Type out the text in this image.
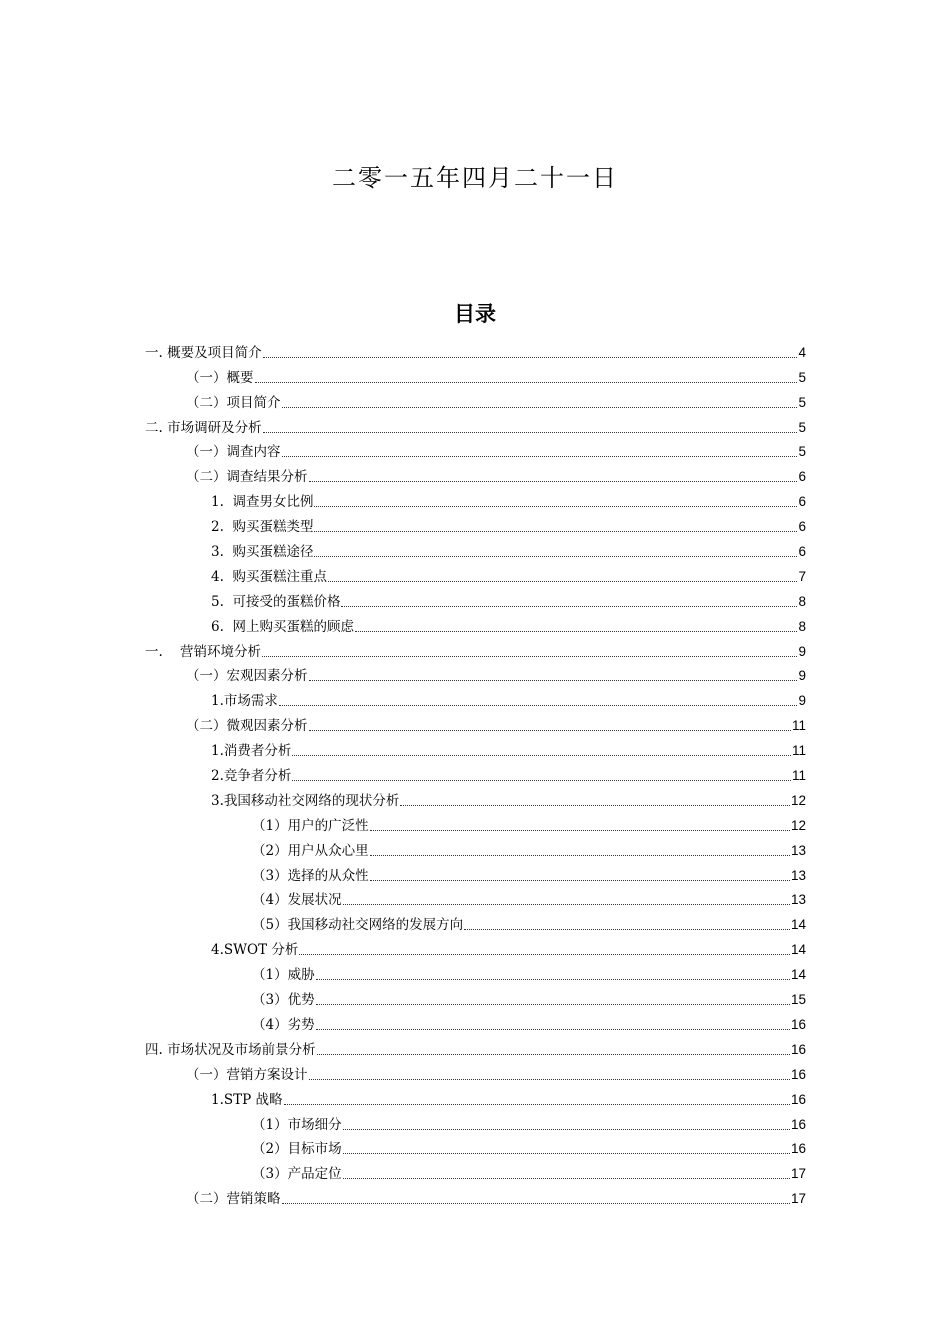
二零一五年四月二十一日
目录
一. 概要及项目简介	4
（一）概要	5
（二）项目简介	5
二. 市场调研及分析	5
（一）调查内容	5
（二）调查结果分析	6
1.  调查男女比例	6
2.  购买蛋糕类型	6
3.  购买蛋糕途径	6
4.  购买蛋糕注重点	7
5.  可接受的蛋糕价格	8
6.  网上购买蛋糕的顾虑	8
一.    营销环境分析	9
（一）宏观因素分析	9
1.市场需求	9
（二）微观因素分析	11
1.消费者分析	11
2.竞争者分析	11
3.我国移动社交网络的现状分析	12
（1）用户的广泛性	12
（2）用户从众心里	13
（3）选择的从众性	13
（4）发展状况	13
（5）我国移动社交网络的发展方向	14
4.SWOT 分析	14
（1）威胁	14
（3）优势	15
（4）劣势	16
四. 市场状况及市场前景分析	16
（一）营销方案设计	16
1.STP 战略	16
（1）市场细分	16
（2）目标市场	16
（3）产品定位	17
（二）营销策略	17
